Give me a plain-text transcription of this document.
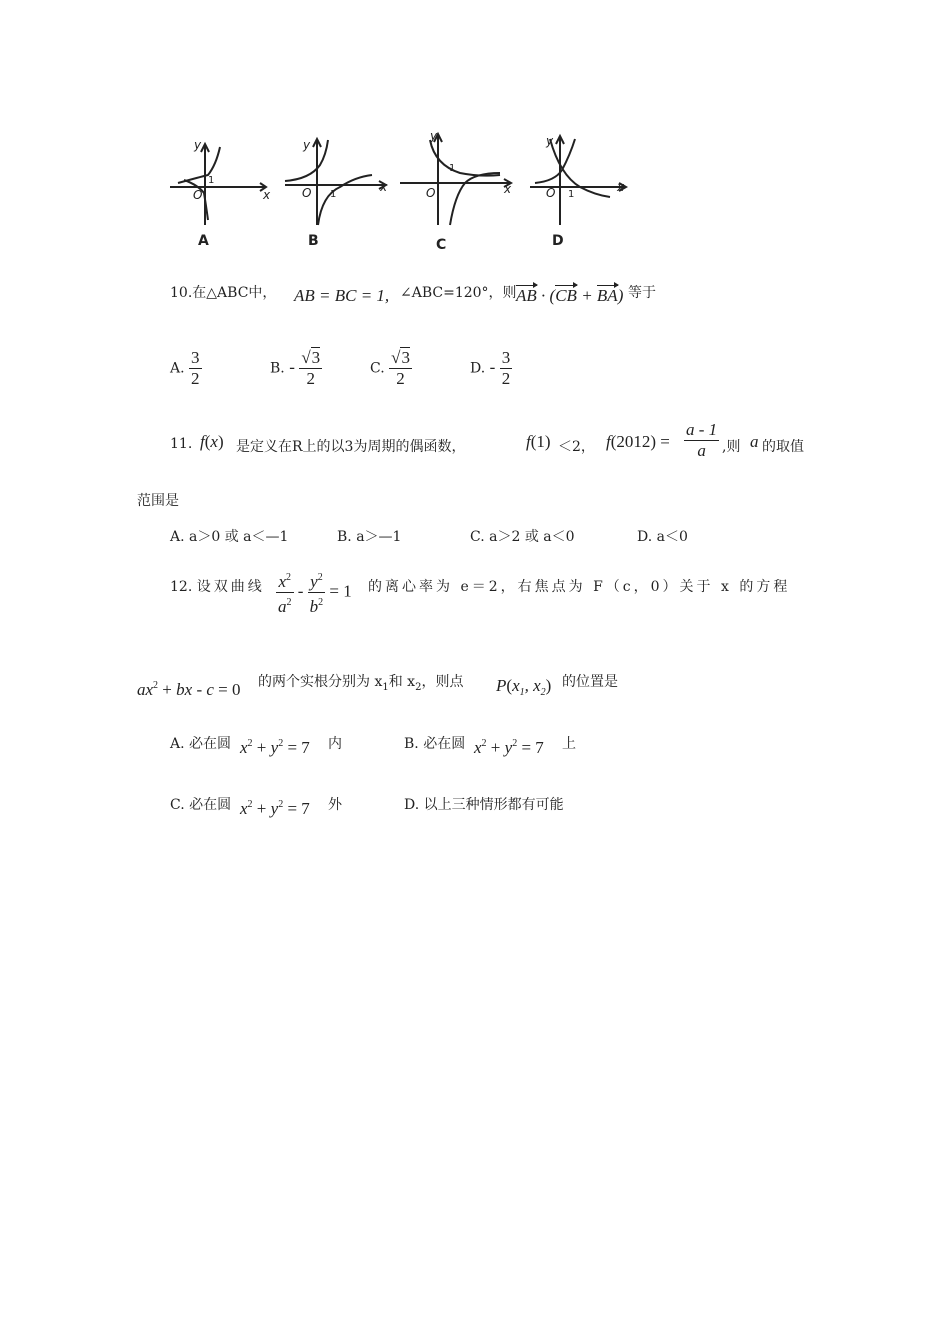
y
x
O
1
y
x
O 1
y
x
O
1
y
x
O 1
A	B	C	D
10.在△ABC中， AB = BC = 1, ∠ABC=120°，则 AB · (CB + BA) 等于
A. $\frac{3}{2}$	B. - $\frac{√3}{2}$	C. $\frac{√3}{2}$	D. - $\frac{3}{2}$
11. f(x) 是定义在R上的以3为周期的偶函数，	f(1) ＜2， $f(2012) = \frac{a - 1}{a}$ ,则 a 的取值
范围是
A. a＞0 或 a＜—1	B. a＞—1	C. a＞2 或 a＜0	D. a＜0
12. 设双曲线 $\frac{x^2}{a^2} - \frac{y^2}{b^2} = 1$ 的离心率为 e＝2，右焦点为 F（c，0）关于 x 的方程
$ax^2$ + bx - c = 0 的两个实根分别为 $x_1$和 $x_2$，则点 $P(x_1$, $x_2$) 的位置是
A. 必在圆 $x^2 + y^2 = 7$ 内	B. 必在圆 $x^2 + y^2 = 7$ 上
C. 必在圆 $x^2 + y^2 = 7$ 外	D. 以上三种情形都有可能
